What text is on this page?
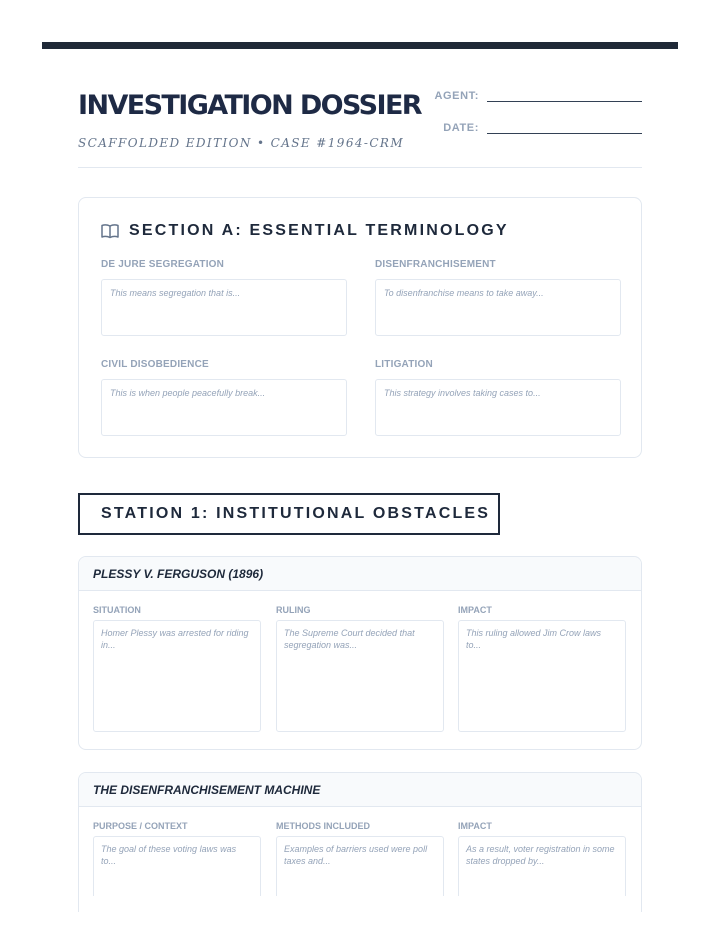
INVESTIGATION DOSSIER
SCAFFOLDED EDITION • CASE #1964-CRM
AGENT:
DATE:
SECTION A: ESSENTIAL TERMINOLOGY
DE JURE SEGREGATION
This means segregation that is...
DISENFRANCHISEMENT
To disenfranchise means to take away...
CIVIL DISOBEDIENCE
This is when people peacefully break...
LITIGATION
This strategy involves taking cases to...
STATION 1: INSTITUTIONAL OBSTACLES
PLESSY V. FERGUSON (1896)
SITUATION
Homer Plessy was arrested for riding in...
RULING
The Supreme Court decided that segregation was...
IMPACT
This ruling allowed Jim Crow laws to...
THE DISENFRANCHISEMENT MACHINE
PURPOSE / CONTEXT
The goal of these voting laws was to...
METHODS INCLUDED
Examples of barriers used were poll taxes and...
IMPACT
As a result, voter registration in some states dropped by...
